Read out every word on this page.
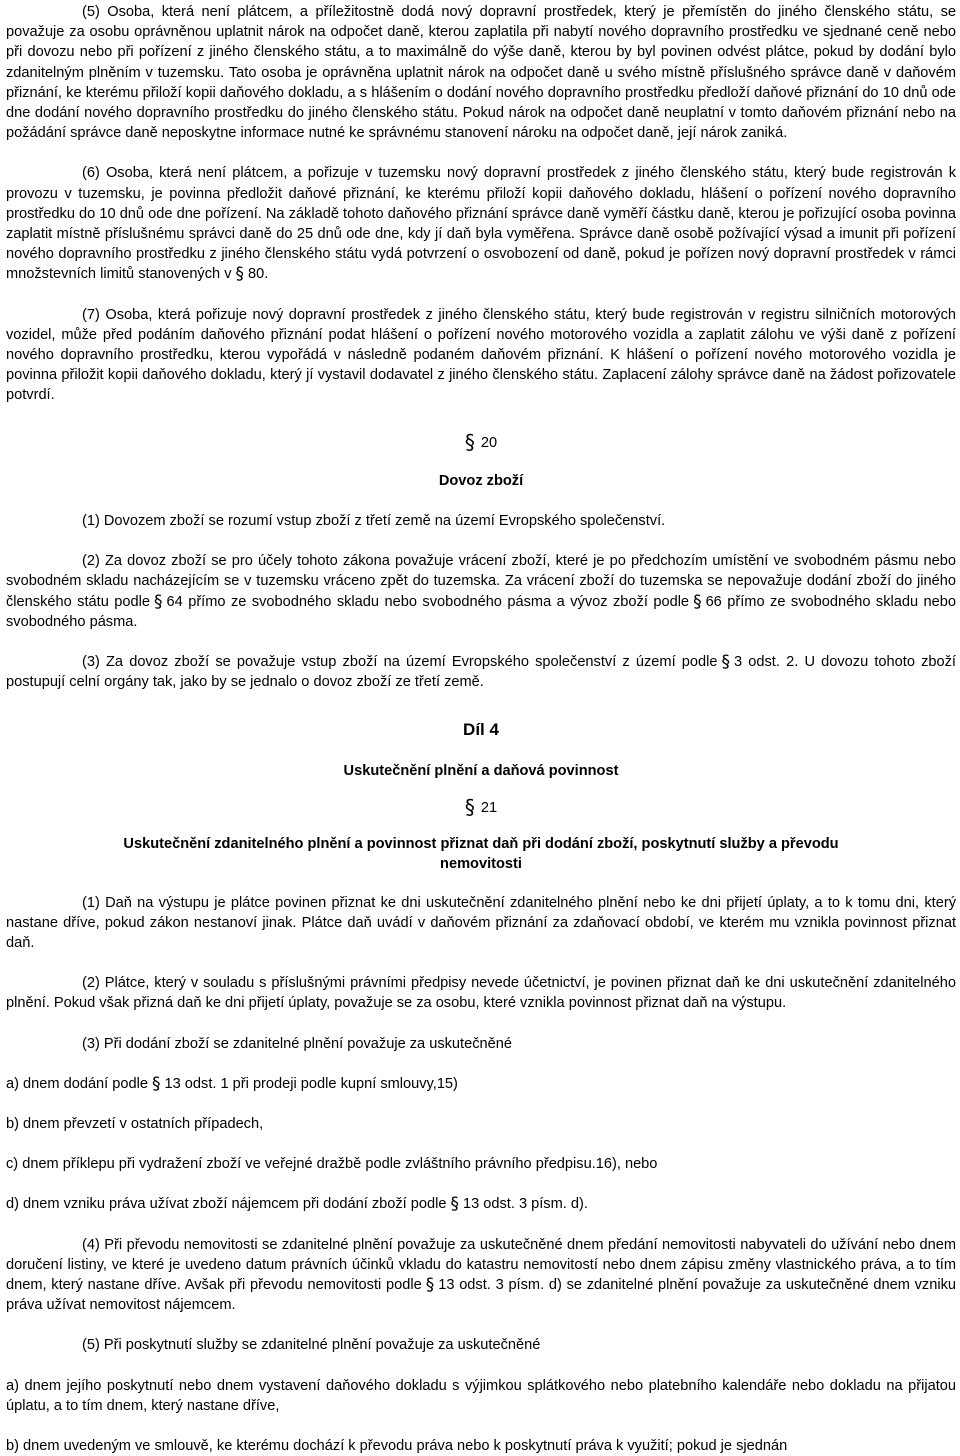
(5) Osoba, která není plátcem, a příležitostně dodá nový dopravní prostředek, který je přemístěn do jiného členského státu, se považuje za osobu oprávněnou uplatnit nárok na odpočet daně, kterou zaplatila při nabytí nového dopravního prostředku ve sjednané ceně nebo při dovozu nebo při pořízení z jiného členského státu, a to maximálně do výše daně, kterou by byl povinen odvést plátce, pokud by dodání bylo zdanitelným plněním v tuzemsku. Tato osoba je oprávněna uplatnit nárok na odpočet daně u svého místně příslušného správce daně v daňovém přiznání, ke kterému přiloží kopii daňového dokladu, a s hlášením o dodání nového dopravního prostředku předloží daňové přiznání do 10 dnů ode dne dodání nového dopravního prostředku do jiného členského státu. Pokud nárok na odpočet daně neuplatní v tomto daňovém přiznání nebo na požádání správce daně neposkytne informace nutné ke správnému stanovení nároku na odpočet daně, její nárok zaniká.

(6) Osoba, která není plátcem, a pořizuje v tuzemsku nový dopravní prostředek z jiného členského státu, který bude registrován k provozu v tuzemsku, je povinna předložit daňové přiznání, ke kterému přiloží kopii daňového dokladu, hlášení o pořízení nového dopravního prostředku do 10 dnů ode dne pořízení. Na základě tohoto daňového přiznání správce daně vyměří částku daně, kterou je pořizující osoba povinna zaplatit místně příslušnému správci daně do 25 dnů ode dne, kdy jí daň byla vyměřena. Správce daně osobě požívající výsad a imunit při pořízení nového dopravního prostředku z jiného členského státu vydá potvrzení o osvobození od daně, pokud je pořízen nový dopravní prostředek v rámci množstevních limitů stanovených v § 80.

(7) Osoba, která pořizuje nový dopravní prostředek z jiného členského státu, který bude registrován v registru silničních motorových vozidel, může před podáním daňového přiznání podat hlášení o pořízení nového motorového vozidla a zaplatit zálohu ve výši daně z pořízení nového dopravního prostředku, kterou vypořádá v následně podaném daňovém přiznání. K hlášení o pořízení nového motorového vozidla je povinna přiložit kopii daňového dokladu, který jí vystavil dodavatel z jiného členského státu. Zaplacení zálohy správce daně na žádost pořizovatele potvrdí.

§ 20

Dovoz zboží

(1) Dovozem zboží se rozumí vstup zboží z třetí země na území Evropského společenství.

(2) Za dovoz zboží se pro účely tohoto zákona považuje vrácení zboží, které je po předchozím umístění ve svobodném pásmu nebo svobodném skladu nacházejícím se v tuzemsku vráceno zpět do tuzemska. Za vrácení zboží do tuzemska se nepovažuje dodání zboží do jiného členského státu podle § 64 přímo ze svobodného skladu nebo svobodného pásma a vývoz zboží podle § 66 přímo ze svobodného skladu nebo svobodného pásma.

(3) Za dovoz zboží se považuje vstup zboží na území Evropského společenství z území podle § 3 odst. 2. U dovozu tohoto zboží postupují celní orgány tak, jako by se jednalo o dovoz zboží ze třetí země.

Díl 4

Uskutečnění plnění a daňová povinnost

§ 21

Uskutečnění zdanitelného plnění a povinnost přiznat daň při dodání zboží, poskytnutí služby a převodu nemovitosti

(1) Daň na výstupu je plátce povinen přiznat ke dni uskutečnění zdanitelného plnění nebo ke dni přijetí úplaty, a to k tomu dni, který nastane dříve, pokud zákon nestanoví jinak. Plátce daň uvádí v daňovém přiznání za zdaňovací období, ve kterém mu vznikla povinnost přiznat daň.

(2) Plátce, který v souladu s příslušnými právními předpisy nevede účetnictví, je povinen přiznat daň ke dni uskutečnění zdanitelného plnění. Pokud však přizná daň ke dni přijetí úplaty, považuje se za osobu, které vznikla povinnost přiznat daň na výstupu.

(3) Při dodání zboží se zdanitelné plnění považuje za uskutečněné

a) dnem dodání podle § 13 odst. 1 při prodeji podle kupní smlouvy,15)

b) dnem převzetí v ostatních případech,

c) dnem příklepu při vydražení zboží ve veřejné dražbě podle zvláštního právního předpisu.16), nebo

d) dnem vzniku práva užívat zboží nájemcem při dodání zboží podle § 13 odst. 3 písm. d).

(4) Při převodu nemovitosti se zdanitelné plnění považuje za uskutečněné dnem předání nemovitosti nabyvateli do užívání nebo dnem doručení listiny, ve které je uvedeno datum právních účinků vkladu do katastru nemovitostí nebo dnem zápisu změny vlastnického práva, a to tím dnem, který nastane dříve. Avšak při převodu nemovitosti podle § 13 odst. 3 písm. d) se zdanitelné plnění považuje za uskutečněné dnem vzniku práva užívat nemovitost nájemcem.

(5) Při poskytnutí služby se zdanitelné plnění považuje za uskutečněné

a) dnem jejího poskytnutí nebo dnem vystavení daňového dokladu s výjimkou splátkového nebo platebního kalendáře nebo dokladu na přijatou úplatu, a to tím dnem, který nastane dříve,

b) dnem uvedeným ve smlouvě, ke kterému dochází k převodu práva nebo k poskytnutí práva k využití; pokud je sjednán
